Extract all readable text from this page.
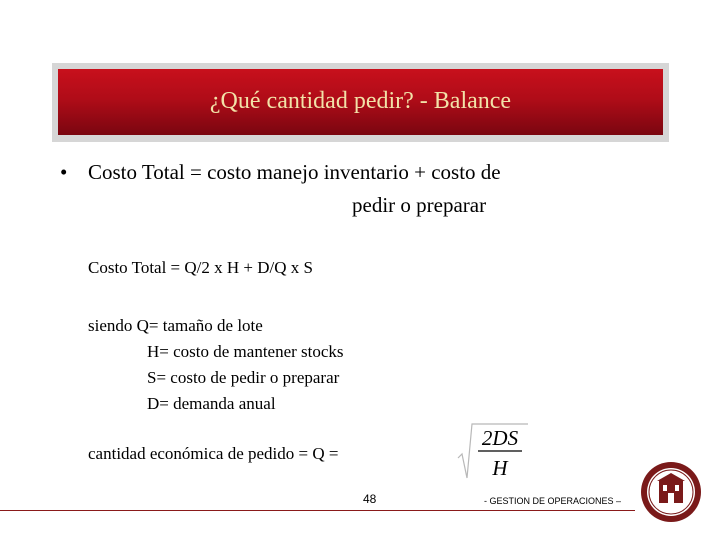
¿Qué cantidad pedir? - Balance
• Costo Total = costo manejo inventario + costo de
pedir o preparar
Costo Total = Q/2 x H + D/Q x S
siendo Q= tamaño de lote
H= costo de mantener stocks
S= costo de pedir o preparar
D= demanda anual
cantidad económica de pedido = Q =
2DS
H
48	- GESTION DE OPERACIONES –
